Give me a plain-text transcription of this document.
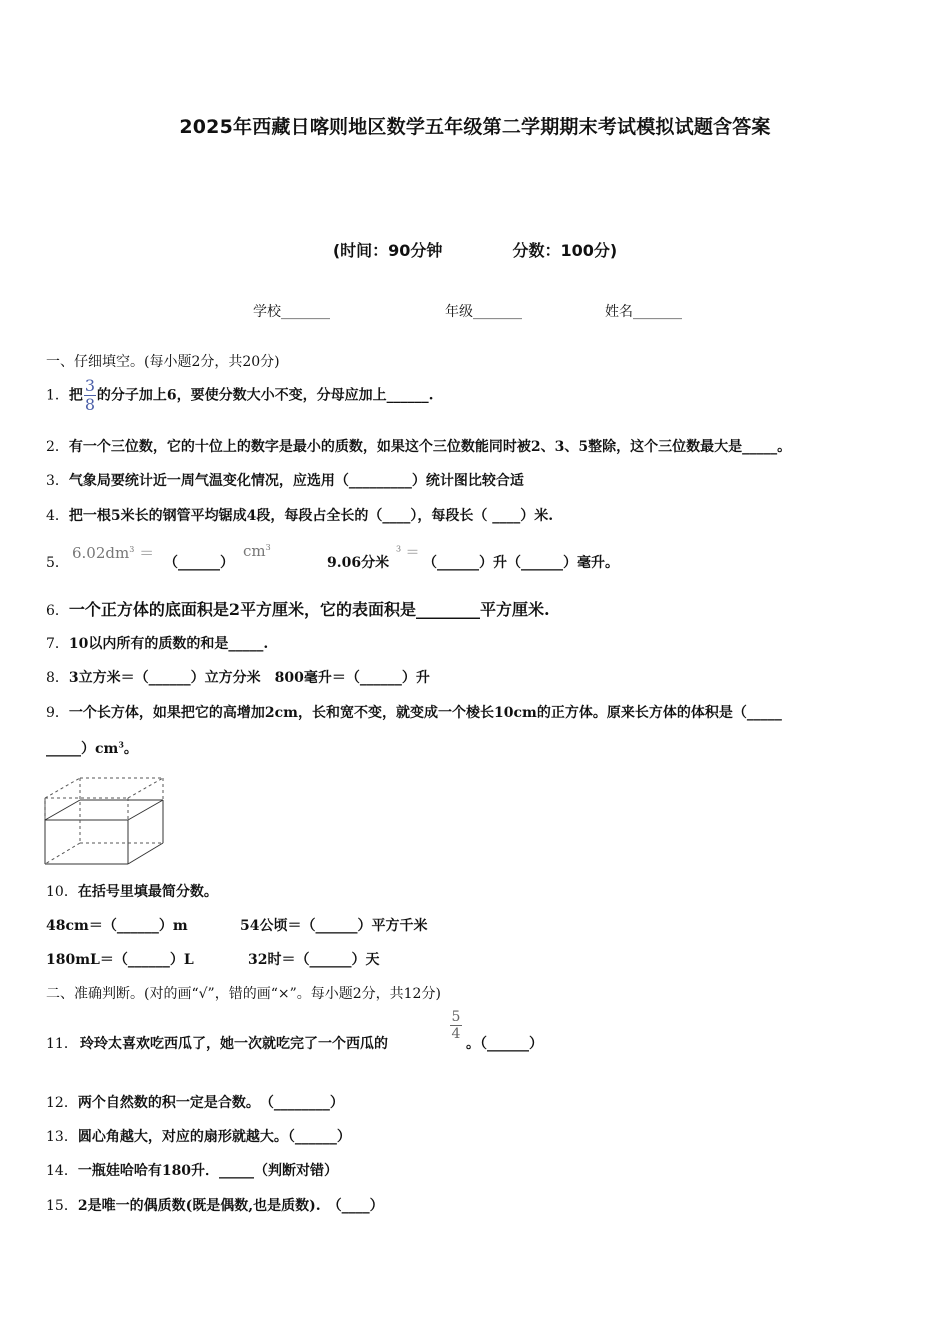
2025年西藏日喀则地区数学五年级第二学期期末考试模拟试题含答案
(时间：90分钟	分数：100分)
学校_______	年级_______	姓名_______
一、仔细填空。(每小题2分，共20分)
1．把 $\frac{3}{8}$ 的分子加上6，要使分数大小不变，分母应加上______.
2．有一个三位数，它的十位上的数字是最小的质数，如果这个三位数能同时被2、3、5整除，这个三位数最大是_____。
3．气象局要统计近一周气温变化情况，应选用（_________）统计图比较合适
4．把一根5米长的钢管平均锯成4段，每段占全长的（____），每段长（ ____）米.
5．
$6.02dm^3$ ＝
（______）
$cm^3$
9.06分米
$^3$ ＝
（______）升（______）毫升。
6．一个正方体的底面积是2平方厘米，它的表面积是________平方厘米.
7．10以内所有的质数的和是_____.
8．3立方米＝（______）立方分米　800毫升＝（______）升
9．一个长方体，如果把它的高增加2cm，长和宽不变，就变成一个棱长10cm的正方体。原来长方体的体积是（_____
$\_\_\_\_\_)cm^3$。
10．在括号里填最简分数。
48cm＝（______）m	54公顷＝（______）平方千米
180mL＝（______）L	32时＝（______）天
二、准确判断。(对的画“√”，错的画“×”。每小题2分，共12分)
11． 玲玲太喜欢吃西瓜了，她一次就吃完了一个西瓜的
5
4
。（______）
12．两个自然数的积一定是合数。　（________）
13．圆心角越大，对应的扇形就越大。（______）
14．一瓶娃哈哈有180升．_____（判断对错）
15．2是唯一的偶质数(既是偶数,也是质数).　（____）
